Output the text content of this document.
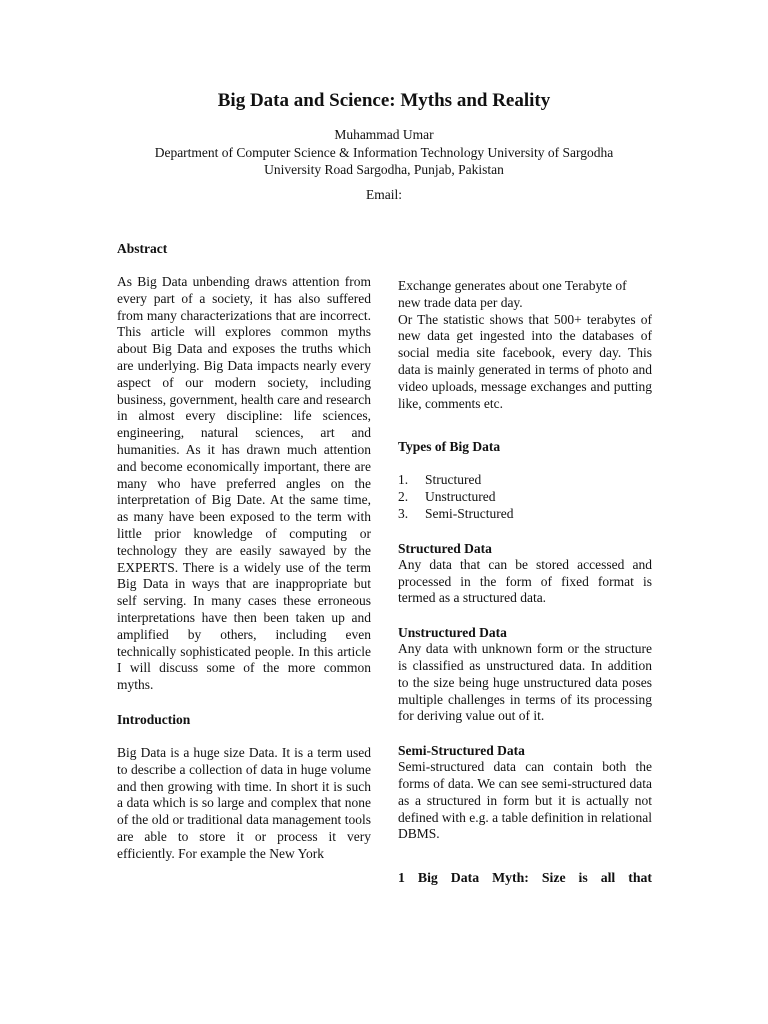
Big Data and Science: Myths and Reality
Muhammad Umar
Department of Computer Science & Information Technology University of Sargodha
University Road Sargodha, Punjab, Pakistan
Email:
Abstract

As Big Data unbending draws attention from every part of a society, it has also suffered from many characterizations that are incorrect. This article will explores common myths about Big Data and exposes the truths which are underlying. Big Data impacts nearly every aspect of our modern society, including business, government, health care and research in almost every discipline: life sciences, engineering, natural sciences, art and humanities. As it has drawn much attention and become economically important, there are many who have preferred angles on the interpretation of Big Date. At the same time, as many have been exposed to the term with little prior knowledge of computing or technology they are easily sawayed by the EXPERTS. There is a widely use of the term Big Data in ways that are inappropriate but self serving. In many cases these erroneous interpretations have then been taken up and amplified by others, including even technically sophisticated people. In this article I will discuss some of the more common myths.

Introduction

Big Data is a huge size Data. It is a term used to describe a collection of data in huge volume and then growing with time. In short it is such a data which is so large and complex that none of the old or traditional data management tools are able to store it or process it very efficiently. For example the New York

Exchange generates about one Terabyte of new trade data per day.

Or The statistic shows that 500+ terabytes of new data get ingested into the databases of social media site facebook, every day. This data is mainly generated in terms of photo and video uploads, message exchanges and putting like, comments etc.

Types of Big Data
1. Structured
2. Unstructured
3. Semi-Structured
Structured Data

Any data that can be stored accessed and processed in the form of fixed format is termed as a structured data.

Unstructured Data

Any data with unknown form or the structure is classified as unstructured data. In addition to the size being huge unstructured data poses multiple challenges in terms of its processing for deriving value out of it.

Semi-Structured Data

Semi-structured data can contain both the forms of data. We can see semi-structured data as a structured in form but it is actually not defined with e.g. a table definition in relational DBMS.

1 Big Data Myth: Size is all that
